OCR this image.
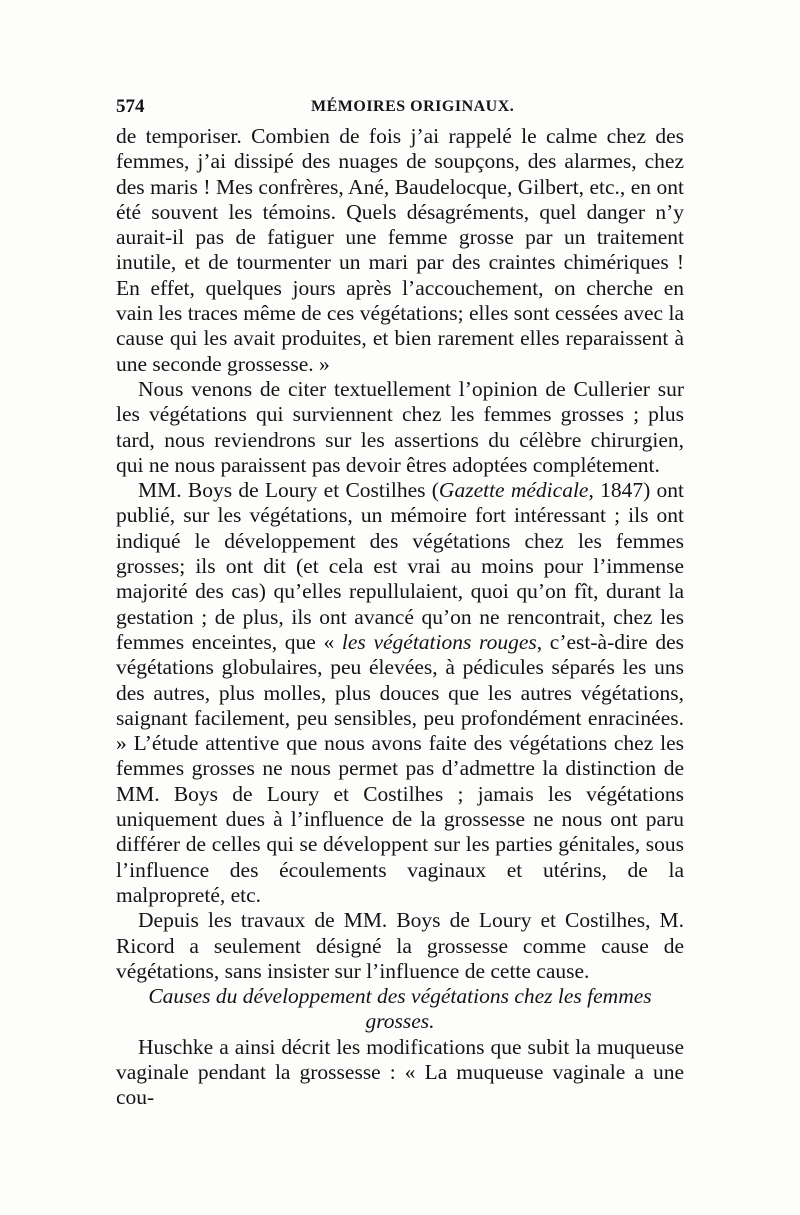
574	MÉMOIRES ORIGINAUX.

de temporiser. Combien de fois j’ai rappelé le calme chez des femmes, j’ai dissipé des nuages de soupçons, des alarmes, chez des maris ! Mes confrères, Ané, Baudelocque, Gilbert, etc., en ont été souvent les témoins. Quels désagréments, quel danger n’y aurait-il pas de fatiguer une femme grosse par un traitement inutile, et de tourmenter un mari par des craintes chimériques ! En effet, quelques jours après l’accouchement, on cherche en vain les traces même de ces végétations; elles sont cessées avec la cause qui les avait produites, et bien rarement elles reparaissent à une seconde grossesse. »

Nous venons de citer textuellement l’opinion de Cullerier sur les végétations qui surviennent chez les femmes grosses ; plus tard, nous reviendrons sur les assertions du célèbre chirurgien, qui ne nous paraissent pas devoir êtres adoptées complétement.

MM. Boys de Loury et Costilhes (Gazette médicale, 1847) ont publié, sur les végétations, un mémoire fort intéressant ; ils ont indiqué le développement des végétations chez les femmes grosses; ils ont dit (et cela est vrai au moins pour l’immense majorité des cas) qu’elles repullulaient, quoi qu’on fît, durant la gestation ; de plus, ils ont avancé qu’on ne rencontrait, chez les femmes enceintes, que « les végétations rouges, c’est-à-dire des végétations globulaires, peu élevées, à pédicules séparés les uns des autres, plus molles, plus douces que les autres végétations, saignant facilement, peu sensibles, peu profondément enracinées. » L’étude attentive que nous avons faite des végétations chez les femmes grosses ne nous permet pas d’admettre la distinction de MM. Boys de Loury et Costilhes ; jamais les végétations uniquement dues à l’influence de la grossesse ne nous ont paru différer de celles qui se développent sur les parties génitales, sous l’influence des écoulements vaginaux et utérins, de la malpropreté, etc.

Depuis les travaux de MM. Boys de Loury et Costilhes, M. Ricord a seulement désigné la grossesse comme cause de végétations, sans insister sur l’influence de cette cause.

Causes du développement des végétations chez les femmes
grosses.

Huschke a ainsi décrit les modifications que subit la muqueuse vaginale pendant la grossesse : « La muqueuse vaginale a une cou-
